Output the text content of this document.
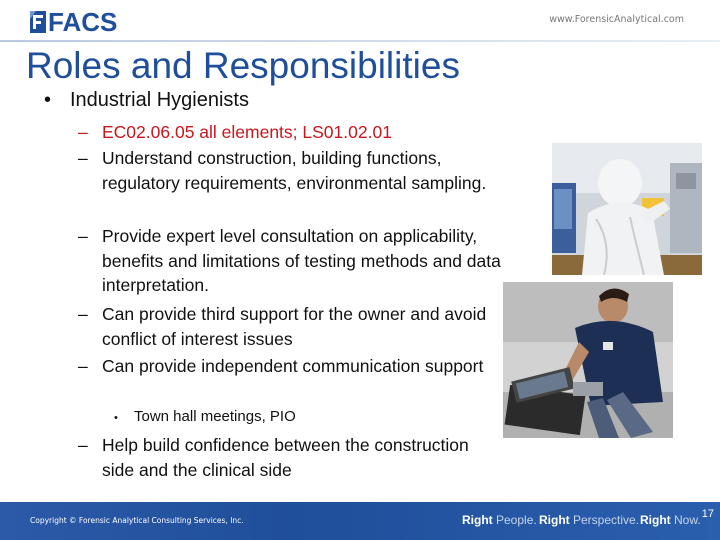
FACS	www.ForensicAnalytical.com
Roles and Responsibilities
• Industrial Hygienists
– EC02.06.05 all elements; LS01.02.01
– Understand construction, building functions, regulatory requirements, environmental sampling.
– Provide expert level consultation on applicability, benefits and limitations of testing methods and data interpretation.
– Can provide third support for the owner and avoid conflict of interest issues
– Can provide independent communication support
• Town hall meetings, PIO
– Help build confidence between the construction side and the clinical side
Copyright © Forensic Analytical Consulting Services, Inc.	Right People. Right Perspective. Right Now. 17
